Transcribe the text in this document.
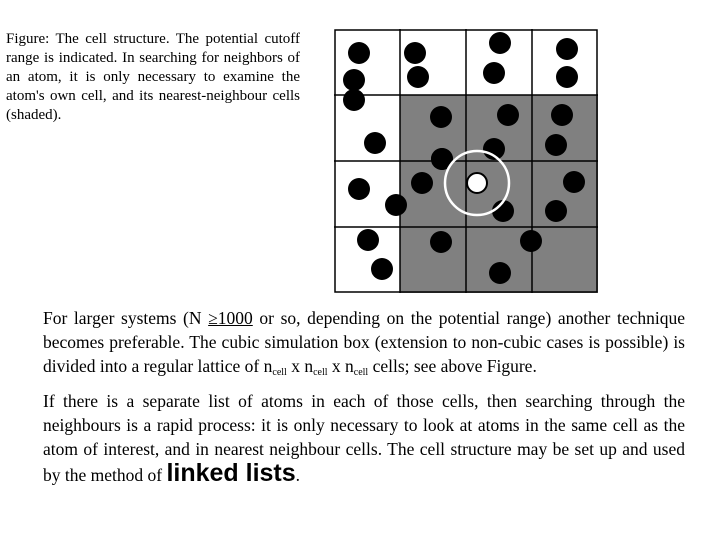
Figure: The cell structure. The potential cutoff range is indicated. In searching for neighbors of an atom, it is only necessary to examine the atom's own cell, and its nearest-neighbour cells (shaded).

For larger systems (N ≥1000 or so, depending on the potential range) another technique becomes preferable. The cubic simulation box (extension to non-cubic cases is possible) is divided into a regular lattice of $n_{cell}$ x $n_{cell}$ x $n_{cell}$ cells; see above Figure.

If there is a separate list of atoms in each of those cells, then searching through the neighbours is a rapid process: it is only necessary to look at atoms in the same cell as the atom of interest, and in nearest neighbour cells. The cell structure may be set up and used by the method of linked lists.
